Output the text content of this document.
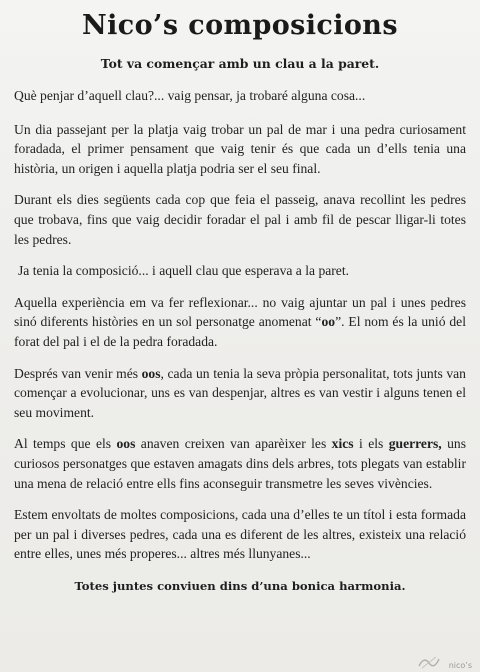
Nico’s composicions
Tot va començar amb un clau a la paret.

Què penjar d’aquell clau?... vaig pensar, ja trobaré alguna cosa...

Un dia passejant per la platja vaig trobar un pal de mar i una pedra curiosament foradada, el primer pensament que vaig tenir és que cada un d’ells tenia una història, un origen i aquella platja podria ser el seu final.

Durant els dies següents cada cop que feia el passeig, anava recollint les pedres que trobava, fins que vaig decidir foradar el pal i amb fil de pescar lligar-li totes les pedres.

Ja tenia la composició... i aquell clau que esperava a la paret.

Aquella experiència em va fer reflexionar... no vaig ajuntar un pal i unes pedres sinó diferents històries en un sol personatge anomenat “oo”. El nom és la unió del forat del pal i el de la pedra foradada.

Després van venir més oos, cada un tenia la seva pròpia personalitat, tots junts van començar a evolucionar, uns es van despenjar, altres es van vestir i alguns tenen el seu moviment.

Al temps que els oos anaven creixen van aparèixer les xics i els guerrers, uns curiosos personatges que estaven amagats dins dels arbres, tots plegats van establir una mena de relació entre ells fins aconseguir transmetre les seves vivències.

Estem envoltats de moltes composicions, cada una d’elles te un títol i esta formada per un pal i diverses pedres, cada una es diferent de les altres, existeix una relació entre elles, unes més properes... altres més llunyanes...

Totes juntes conviuen dins d’una bonica harmonia.
nico’s
